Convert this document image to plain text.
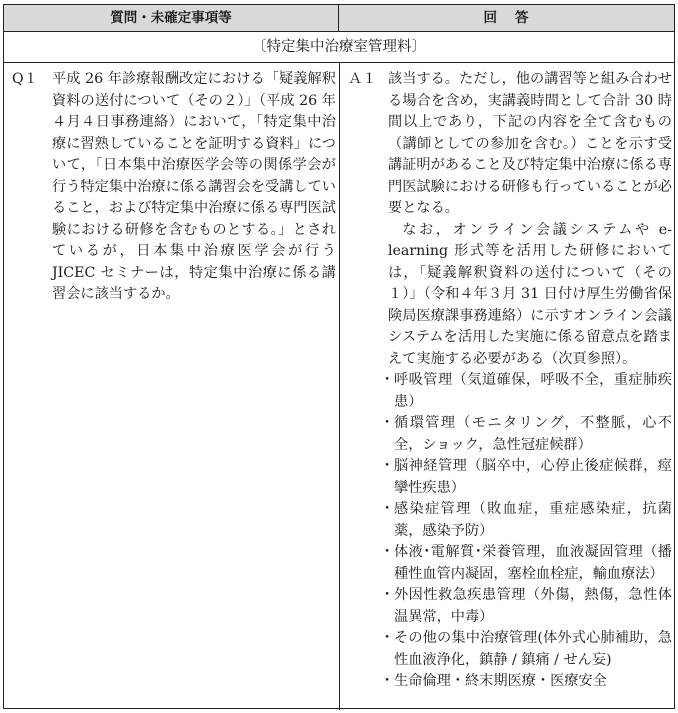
質問・未確定事項等	回答
〔特定集中治療室管理料〕
Q１ 平成 26 年診療報酬改定における「疑義解釈資料の送付について（その２）」（平成 26 年４月４日事務連絡）において，「特定集中治療に習熟していることを証明する資料」について，「日本集中治療医学会等の関係学会が行う特定集中治療に係る講習会を受講していること，および特定集中治療に係る専門医試験における研修を含むものとする。」とされているが，日本集中治療医学会が行う JICEC セミナーは，特定集中治療に係る講習会に該当するか。
Ａ１ 該当する。ただし，他の講習等と組み合わせる場合を含め，実講義時間として合計 30 時間以上であり，下記の内容を全て含むもの（講師としての参加を含む。）ことを示す受講証明があること及び特定集中治療に係る専門医試験における研修も行っていることが必要となる。
なお，オンライン会議システムや e-learning 形式等を活用した研修においては，「疑義解釈資料の送付について（その１）」（令和４年３月 31 日付け厚生労働省保険局医療課事務連絡）に示すオンライン会議システムを活用した実施に係る留意点を踏まえて実施する必要がある（次頁参照）。
・ 呼吸管理（気道確保，呼吸不全，重症肺疾患）
・ 循環管理（モニタリング，不整脈，心不全，ショック，急性冠症候群）
・ 脳神経管理（脳卒中，心停止後症候群，痙攣性疾患）
・ 感染症管理（敗血症，重症感染症，抗菌薬，感染予防）
・ 体液･電解質･栄養管理，血液凝固管理（播種性血管内凝固，塞栓血栓症，輸血療法）
・ 外因性救急疾患管理（外傷，熱傷，急性体温異常，中毒）
・ その他の集中治療管理(体外式心肺補助，急性血液浄化，鎮静 / 鎮痛 / せん妄)
・ 生命倫理・終末期医療・医療安全
